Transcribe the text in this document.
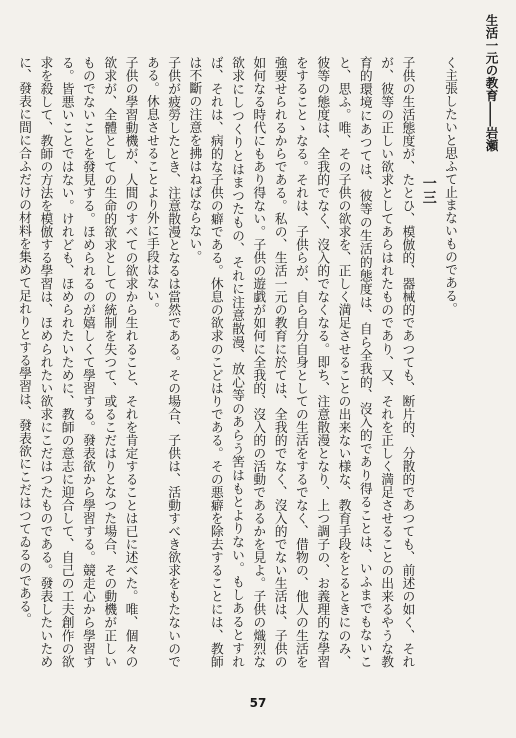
生活一元の教育――岩瀬

く主張したいと思ふて止まないものである。

一三

子供の生活態度が、たとひ、模倣的、器械的であつても、断片的、分散的であつても、前述の如く、それが、彼等の正しい欲求としてあらはれたものであり、又、それを正しく満足させることの出来るやうな教育的環境にあつては、彼等の生活的態度は、自ら全我的、沒入的であり得ることは、いふまでもないこと、思ふ。唯、その子供の欲求を、正しく満足させることの出来ない様な、教育手段をとるときにのみ、彼等の態度は、全我的でなく、沒入的でなくなる。即ち、注意散漫となり、上つ調子の、お義理的な學習をすることゝなる。それは、子供らが、自ら自分自身としての生活をするでなく、借物の、他人の生活を強要せられるからである。私の、生活一元の教育に於ては、全我的でなく、沒入的でない生活は、子供の如何なる時代にもあり得ない。子供の遊戯が如何に全我的、沒入的の活動であるかを見よ。子供の熾烈な欲求にしつくりとはまつたもの、それに注意散漫、放心等のあらう筈はもとよりない。もしあるとすれば、それは、病的な子供の癖である。休息の欲求のこどはりである。その悪癖を除去することには、教師は不斷の注意を拂はねばならない。

子供が疲勞したとき、注意散漫となるは當然である。その場合、子供は、活動すべき欲求をもたないのである。休息させることより外に手段はない。

子供の學習動機が、人間のすべての欲求から生れること、それを肯定することは已に述べた。唯、個々の欲求が、全體としての生命的欲求としての統制を失つて、或るこだはりとなつた場合、その動機が正しいものでないことを發見する。ほめられるのが嬉しくて學習する。發表欲から學習する。競走心から學習する。皆悪いことではない。けれども、ほめられたいために、教師の意志に迎合して、自己の工夫創作の欲求を殺して、教師の方法を模倣する學習は、ほめられたい欲求にこだはつたものである。發表したいために、發表に間に合ふだけの材料を集めて足れりとする學習は、發表欲にこだはつてゐるのである。

57
